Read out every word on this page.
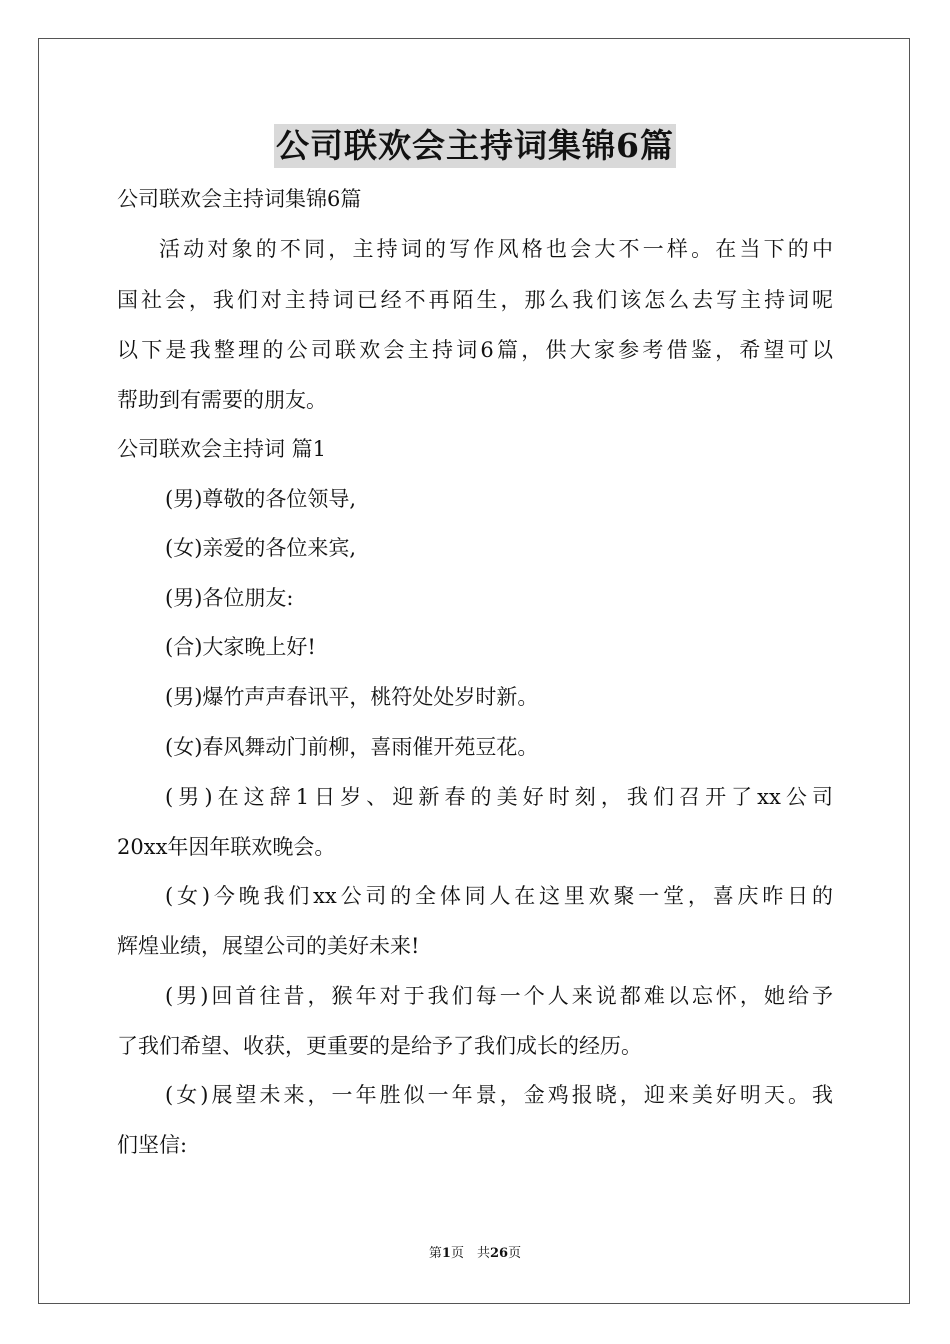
公司联欢会主持词集锦6篇
公司联欢会主持词集锦6篇
活动对象的不同，主持词的写作风格也会大不一样。在当下的中
国社会，我们对主持词已经不再陌生，那么我们该怎么去写主持词呢
以下是我整理的公司联欢会主持词6篇，供大家参考借鉴，希望可以
帮助到有需要的朋友。
公司联欢会主持词 篇1
(男)尊敬的各位领导,
(女)亲爱的各位来宾,
(男)各位朋友:
(合)大家晚上好!
(男)爆竹声声春讯平，桃符处处岁时新。
(女)春风舞动门前柳，喜雨催开苑豆花。
(男)在这辞1日岁、迎新春的美好时刻，我们召开了xx公司
20xx年因年联欢晚会。
(女)今晚我们xx公司的全体同人在这里欢聚一堂，喜庆昨日的
辉煌业绩，展望公司的美好未来!
(男)回首往昔，猴年对于我们每一个人来说都难以忘怀，她给予
了我们希望、收获，更重要的是给予了我们成长的经历。
(女)展望未来，一年胜似一年景，金鸡报晓，迎来美好明天。我
们坚信:
第1页　共26页
